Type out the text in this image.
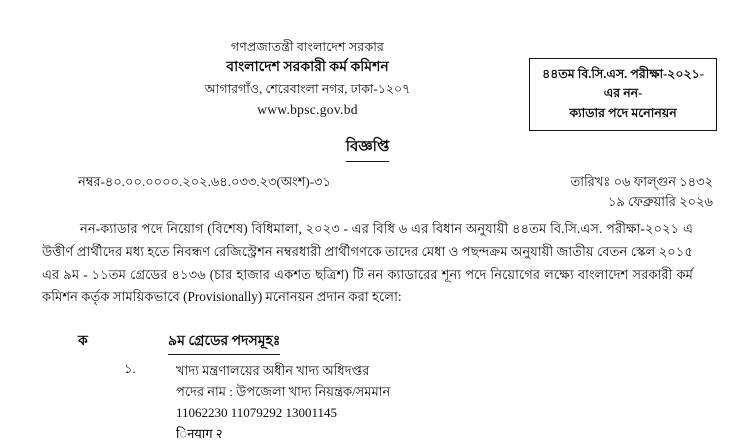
গণপ্রজাতন্ত্রী বাংলাদেশ সরকার

বাংলাদেশ সরকারী কর্ম কমিশন

আগারগাঁও, শেরেবাংলা নগর, ঢাকা-১২০৭

www.bpsc.gov.bd

৪৪তম বি.সি.এস. পরীক্ষা-২০২১-এর নন-
ক্যাডার পদে মনোনয়ন
বিজ্ঞপ্তি
নম্বর-৪০.০০.০০০০.২০২.৬৪.০৩৩.২৩(অংশ)-৩১	তারিখঃ ০৬ ফাল্গুন ১৪৩২
১৯ ফেব্রুয়ারি ২০২৬
নন-ক্যাডার পদে নিয়োগ (বিশেষ) বিধিমালা, ২০২৩ - এর বিধি ৬ এর বিধান অনুযায়ী ৪৪তম বি.সি.এস. পরীক্ষা-২০২১ এ উত্তীর্ণ প্রার্থীদের মধ্য হতে নিবন্ধণ রেজিস্ট্রেশন নম্বরধারী প্রার্থীগণকে তাদের মেধা ও পছন্দক্রম অনুযায়ী জাতীয় বেতন স্কেল ২০১৫ এর ৯ম - ১১তম গ্রেডের ৪১৩৬ (চার হাজার একশত ছত্রিশ) টি নন ক্যাডারের শূন্য পদে নিয়োগের লক্ষ্যে বাংলাদেশ সরকারী কর্ম কমিশন কর্তৃক সাময়িকভাবে (Provisionally) মনোনয়ন প্রদান করা হলো:
ক	৯ম গ্রেডের পদসমূহঃ
১.	খাদ্য মন্ত্রণালয়ের অধীন খাদ্য অধিদপ্তর
পদের নাম : উপজেলা খাদ্য নিয়ন্ত্রক/সমমান
11062230 11079292 13001145
िनयाग २
